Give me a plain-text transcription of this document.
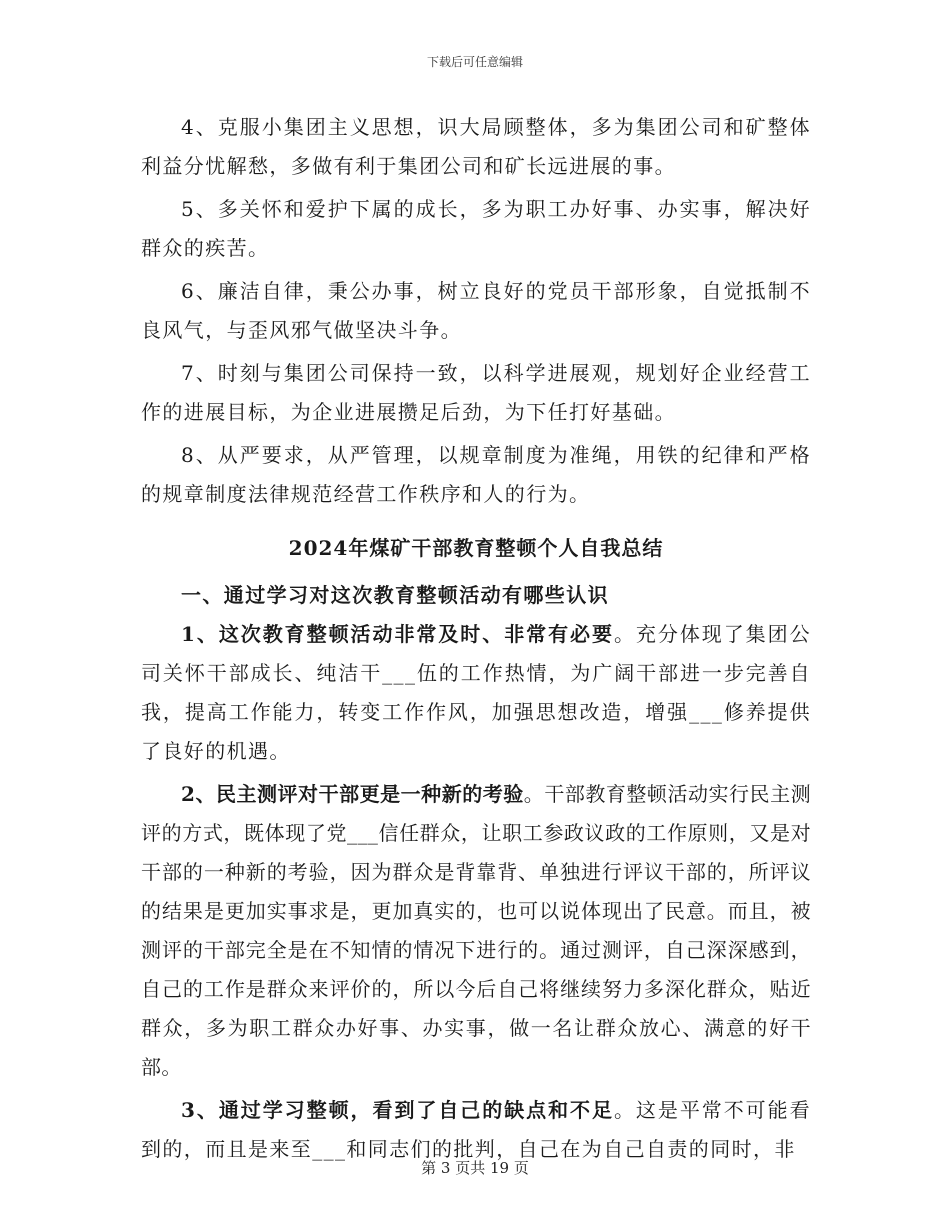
下载后可任意编辑

4、克服小集团主义思想，识大局顾整体，多为集团公司和矿整体利益分忧解愁，多做有利于集团公司和矿长远进展的事。

5、多关怀和爱护下属的成长，多为职工办好事、办实事，解决好群众的疾苦。

6、廉洁自律，秉公办事，树立良好的党员干部形象，自觉抵制不良风气，与歪风邪气做坚决斗争。

7、时刻与集团公司保持一致，以科学进展观，规划好企业经营工作的进展目标，为企业进展攒足后劲，为下任打好基础。

8、从严要求，从严管理，以规章制度为准绳，用铁的纪律和严格的规章制度法律规范经营工作秩序和人的行为。

2024年煤矿干部教育整顿个人自我总结

一、通过学习对这次教育整顿活动有哪些认识

1、这次教育整顿活动非常及时、非常有必要。充分体现了集团公司关怀干部成长、纯洁干___伍的工作热情，为广阔干部进一步完善自我，提高工作能力，转变工作作风，加强思想改造，增强___修养提供了良好的机遇。

2、民主测评对干部更是一种新的考验。干部教育整顿活动实行民主测评的方式，既体现了党___信任群众，让职工参政议政的工作原则，又是对干部的一种新的考验，因为群众是背靠背、单独进行评议干部的，所评议的结果是更加实事求是，更加真实的，也可以说体现出了民意。而且，被测评的干部完全是在不知情的情况下进行的。通过测评，自己深深感到，自己的工作是群众来评价的，所以今后自己将继续努力多深化群众，贴近群众，多为职工群众办好事、办实事，做一名让群众放心、满意的好干部。

3、通过学习整顿，看到了自己的缺点和不足。这是平常不可能看到的，而且是来至___和同志们的批判，自己在为自己自责的同时，非

第 3 页共 19 页
